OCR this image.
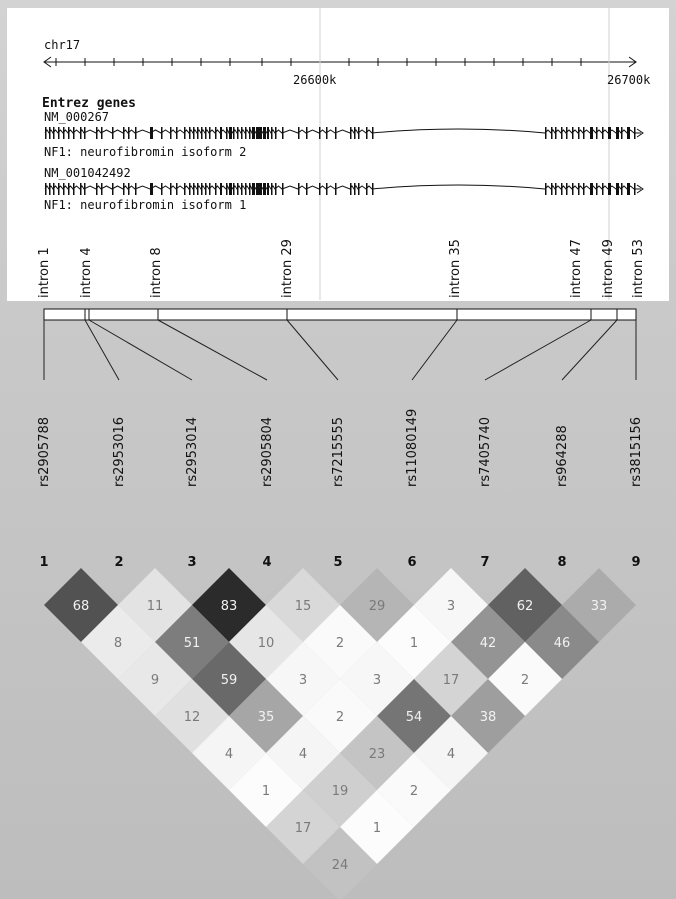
chr17
26600k	26700k
Entrez genes
NM_000267
NF1: neurofibromin isoform 2
NM_001042492
NF1: neurofibromin isoform 1
intron 1 intron 4	intron 8	intron 29	intron 35	intron 47 intron 49 intron 53
rs2905788	rs2953016	rs2953014	rs2905804	rs7215555	rs11080149	rs7405740	rs964288	rs3815156
1	2	3	4	5	6	7	8	9
68	11	83	15	29	3	62	33
8	51	10	2	1	42	46
9	59	3	3	17	2
12	35	2	54	38
4	4	23	4
1	19	2
17	1
24
